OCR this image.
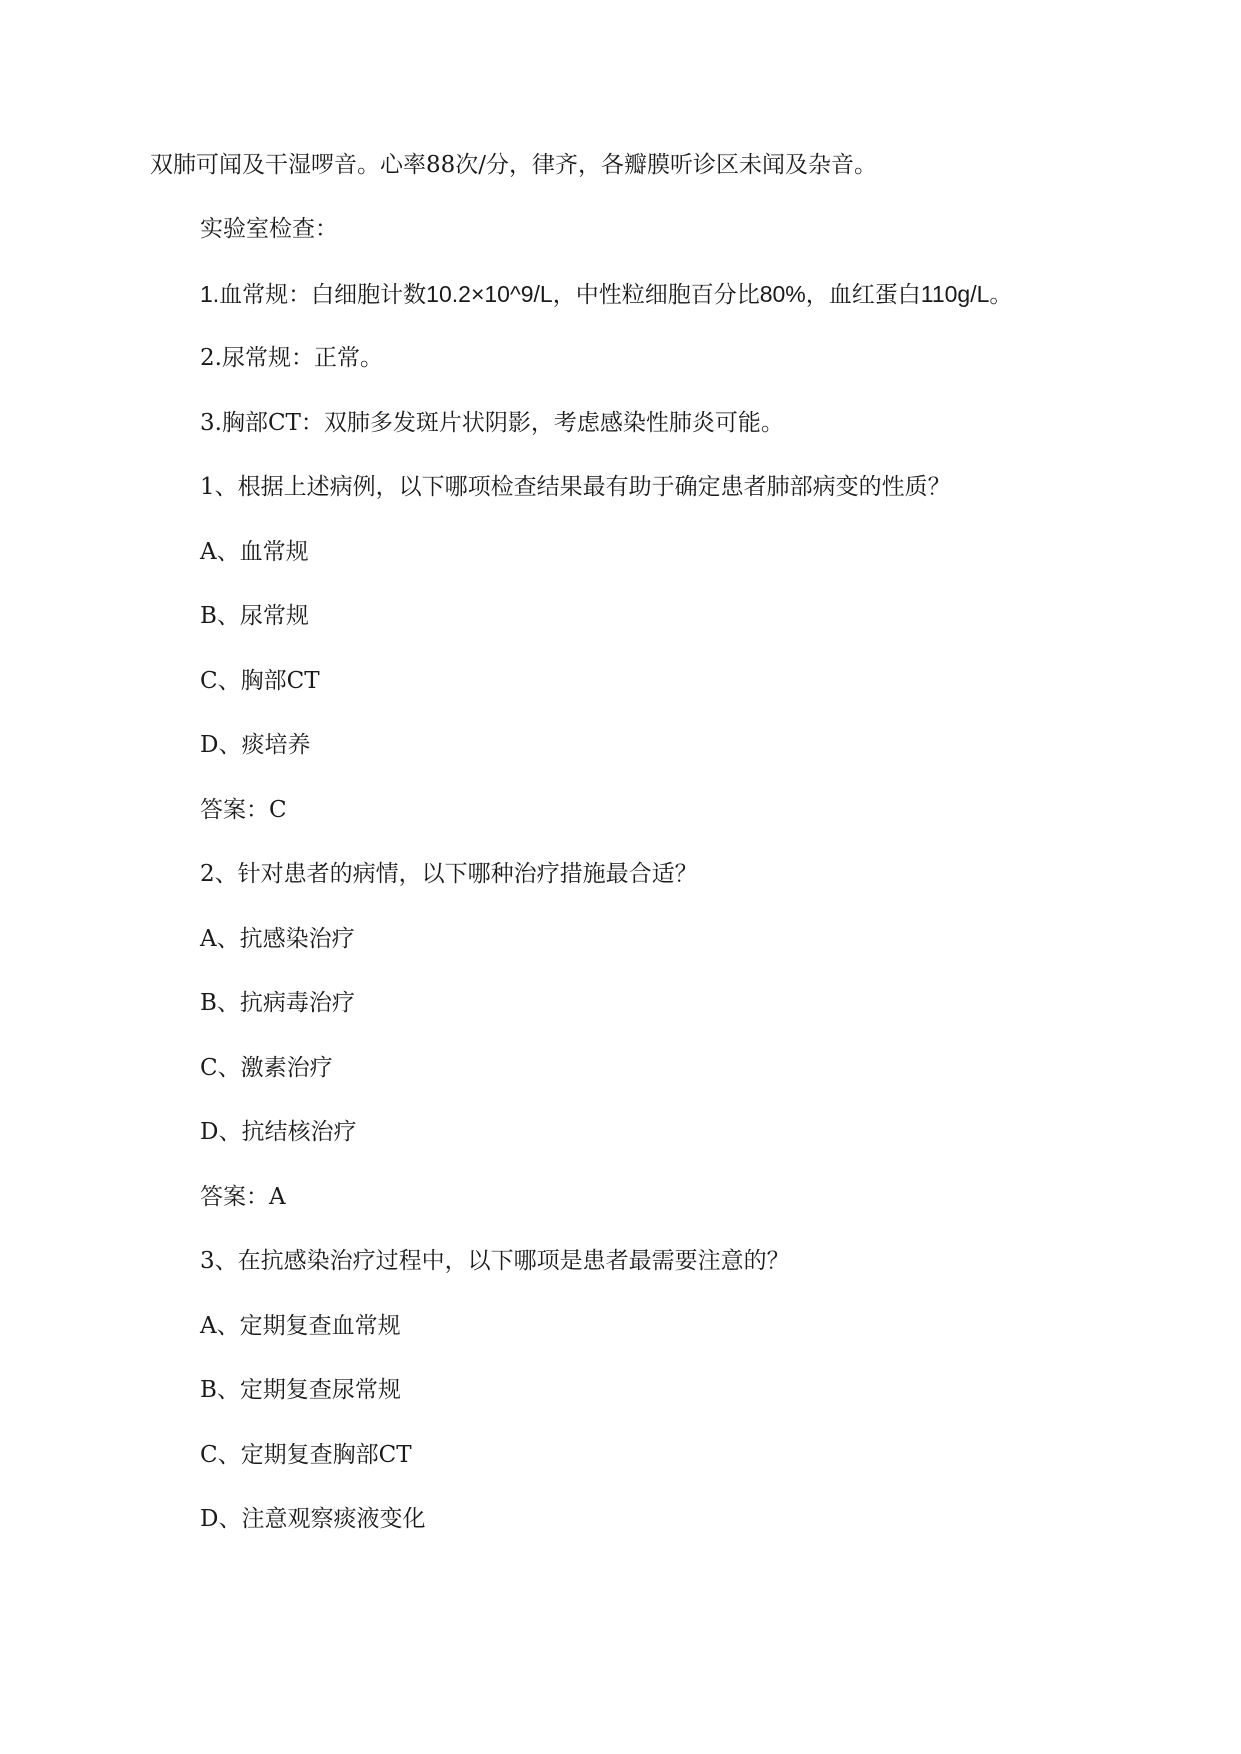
双肺可闻及干湿啰音。心率88次/分，律齐，各瓣膜听诊区未闻及杂音。
实验室检查：
1.血常规：白细胞计数10.2×10^9/L，中性粒细胞百分比80%，血红蛋白110g/L。
2.尿常规：正常。
3.胸部CT：双肺多发斑片状阴影，考虑感染性肺炎可能。
1、根据上述病例，以下哪项检查结果最有助于确定患者肺部病变的性质？
A、血常规
B、尿常规
C、胸部CT
D、痰培养
答案：C
2、针对患者的病情，以下哪种治疗措施最合适？
A、抗感染治疗
B、抗病毒治疗
C、激素治疗
D、抗结核治疗
答案：A
3、在抗感染治疗过程中，以下哪项是患者最需要注意的？
A、定期复查血常规
B、定期复查尿常规
C、定期复查胸部CT
D、注意观察痰液变化
